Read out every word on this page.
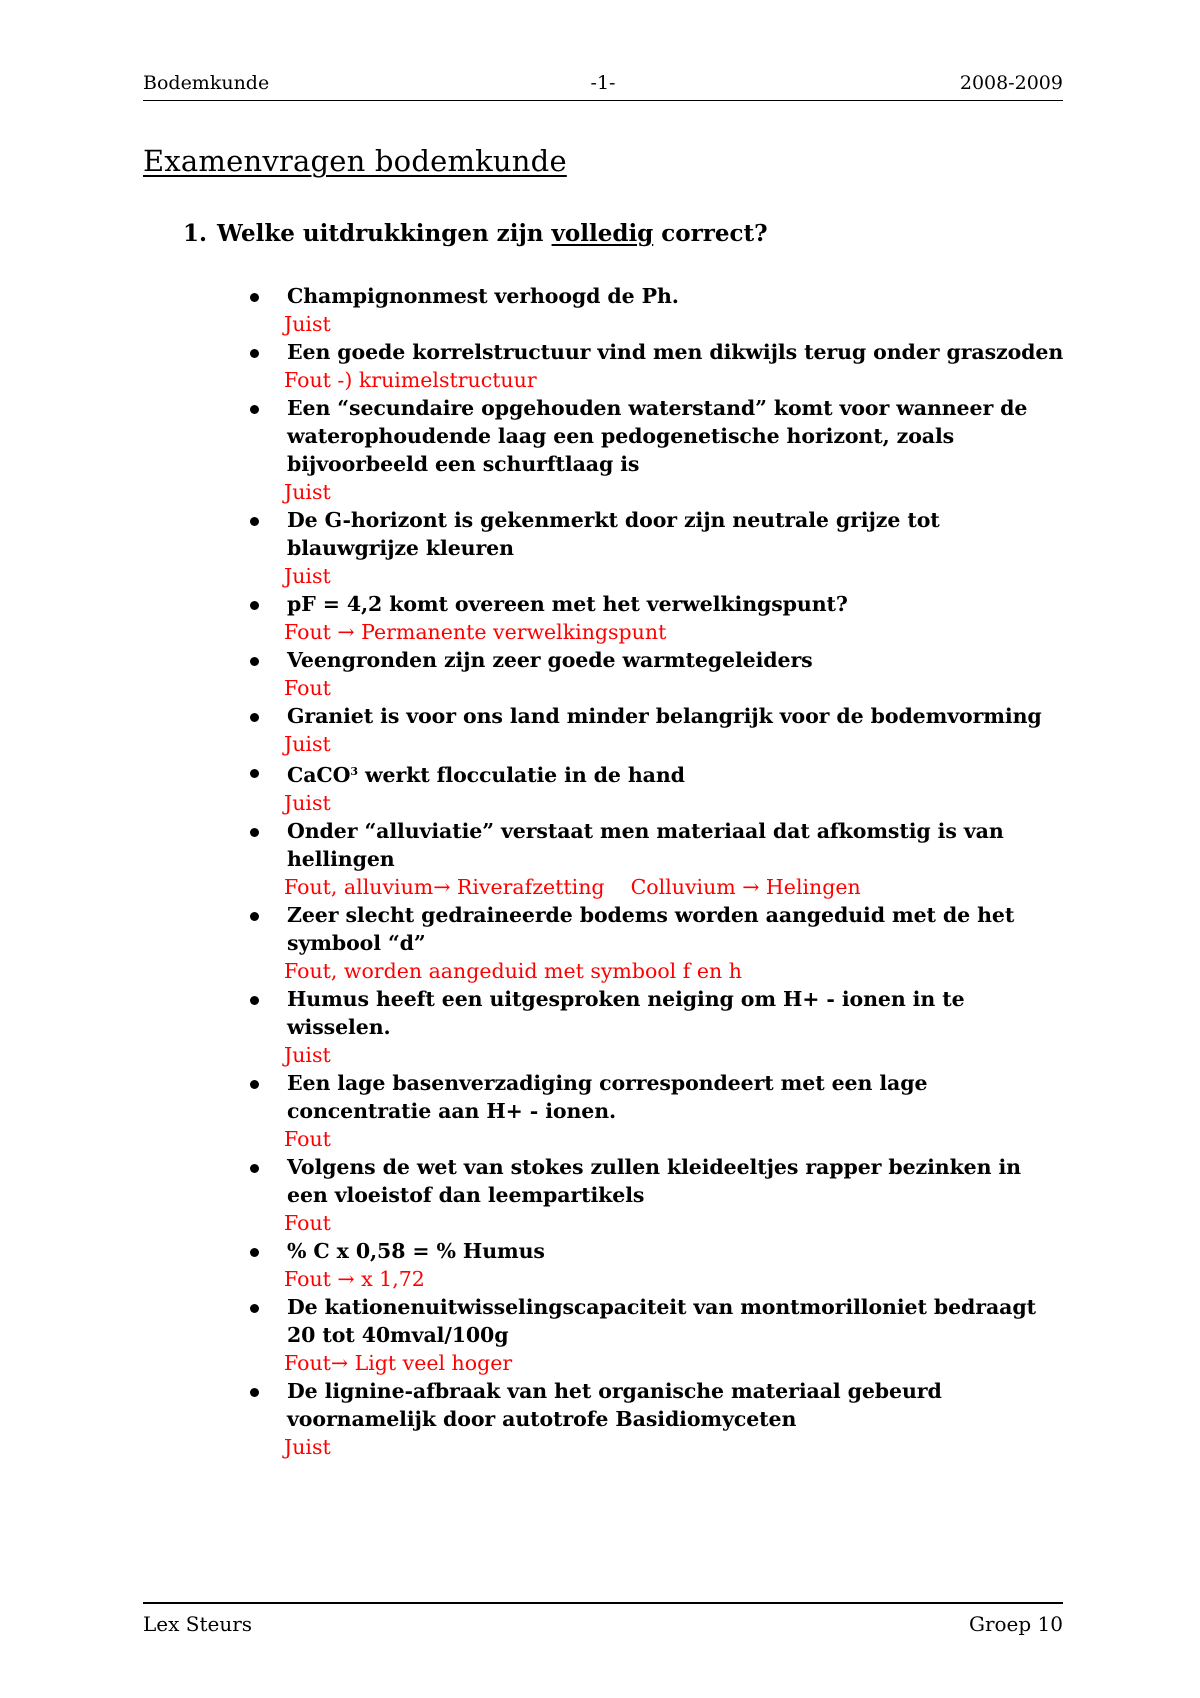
Bodemkunde	-1-	2008-2009
Examenvragen bodemkunde
1. Welke uitdrukkingen zijn volledig correct?
Champignonmest verhoogd de Ph.
Juist
Een goede korrelstructuur vind men dikwijls terug onder graszoden
Fout -) kruimelstructuur
Een “secundaire opgehouden waterstand” komt voor wanneer de waterophoudende laag een pedogenetische horizont, zoals bijvoorbeeld een schurftlaag is
Juist
De G-horizont is gekenmerkt door zijn neutrale grijze tot blauwgrijze kleuren
Juist
pF = 4,2 komt overeen met het verwelkingspunt?
Fout → Permanente verwelkingspunt
Veengronden zijn zeer goede warmtegeleiders
Fout
Graniet is voor ons land minder belangrijk voor de bodemvorming
Juist
CaCO$^3$ werkt flocculatie in de hand
Juist
Onder “alluviatie” verstaat men materiaal dat afkomstig is van hellingen
Fout, alluvium→ Riverafzetting    Colluvium → Helingen
Zeer slecht gedraineerde bodems worden aangeduid met de het symbool “d”
Fout, worden aangeduid met symbool f en h
Humus heeft een uitgesproken neiging om H+ - ionen in te wisselen.
Juist
Een lage basenverzadiging correspondeert met een lage concentratie aan H+ - ionen.
Fout
Volgens de wet van stokes zullen kleideeltjes rapper bezinken in een vloeistof dan leempartikels
Fout
% C x 0,58 = % Humus
Fout → x 1,72
De kationenuitwisselingscapaciteit van montmorilloniet bedraagt 20 tot 40mval/100g
Fout→ Ligt veel hoger
De lignine-afbraak van het organische materiaal gebeurd voornamelijk door autotrofe Basidiomyceten
Juist
Lex Steurs	Groep 10
